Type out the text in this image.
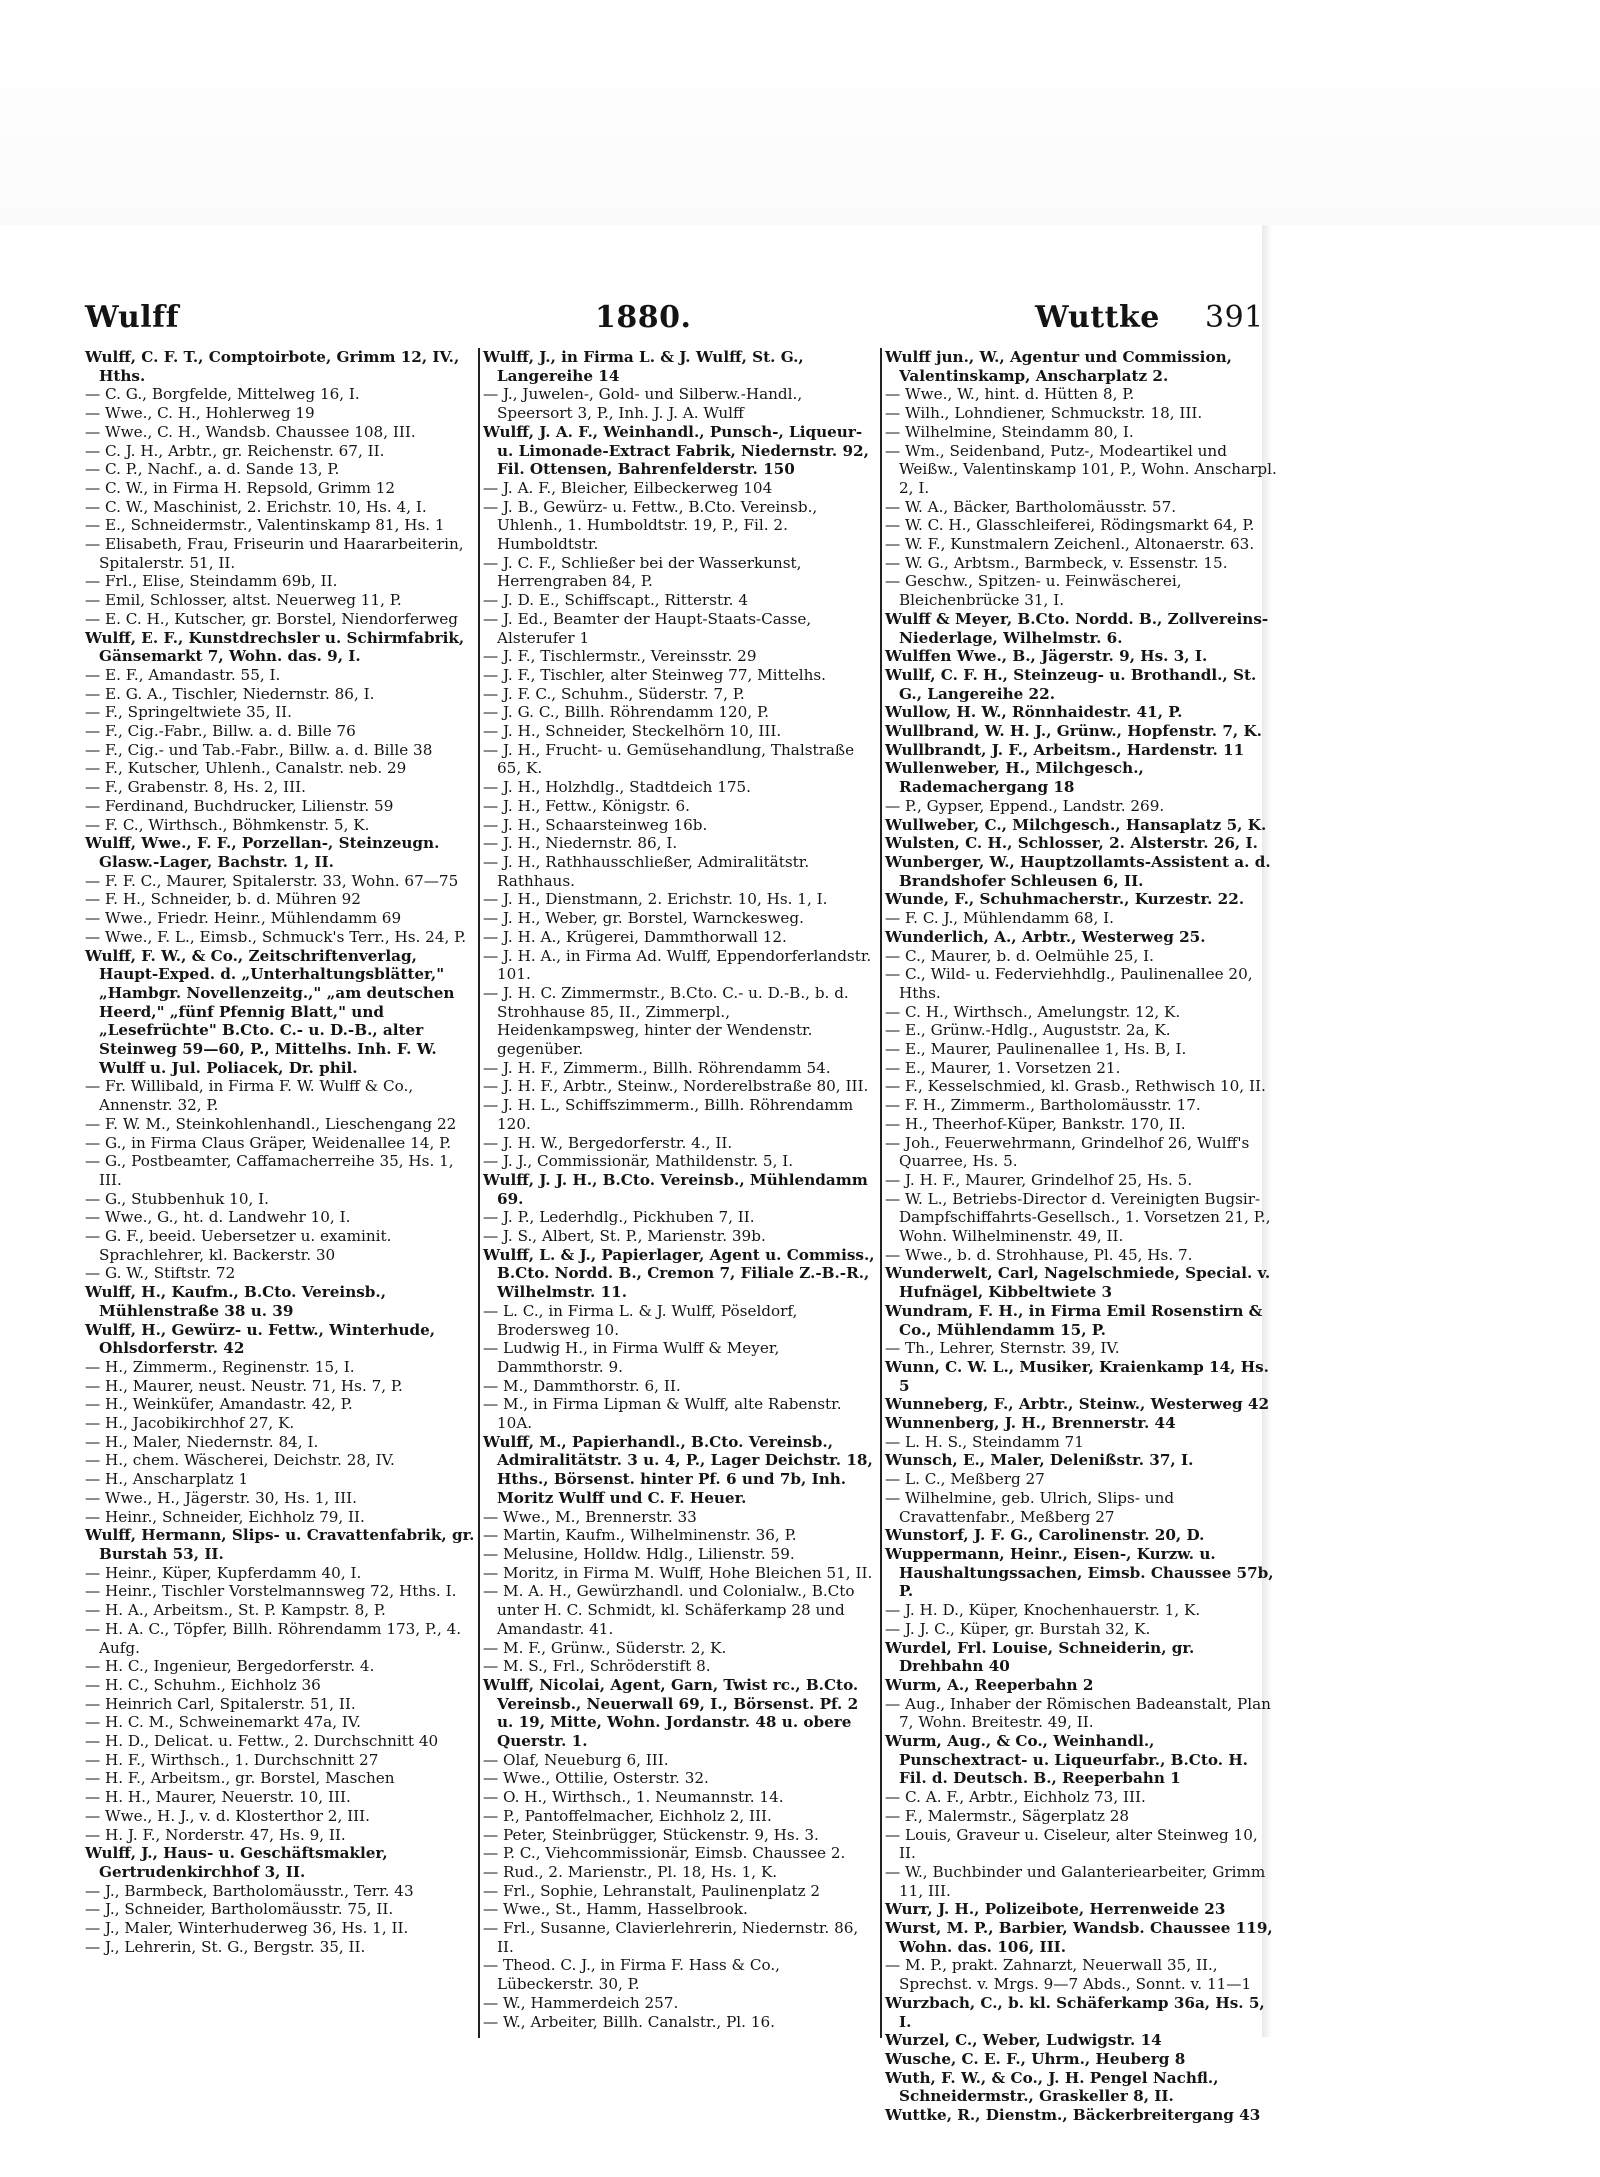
Wulff	1880.	Wuttke 391

Wulff, C. F. T., Comptoirbote, Grimm 12, IV., Hths.

— C. G., Borgfelde, Mittelweg 16, I.

— Wwe., C. H., Hohlerweg 19

— Wwe., C. H., Wandsb. Chaussee 108, III.

— C. J. H., Arbtr., gr. Reichenstr. 67, II.

— C. P., Nachf., a. d. Sande 13, P.

— C. W., in Firma H. Repsold, Grimm 12

— C. W., Maschinist, 2. Erichstr. 10, Hs. 4, I.

— E., Schneidermstr., Valentinskamp 81, Hs. 1

— Elisabeth, Frau, Friseurin und Haararbeiterin, Spitalerstr. 51, II.

— Frl., Elise, Steindamm 69b, II.

— Emil, Schlosser, altst. Neuerweg 11, P.

— E. C. H., Kutscher, gr. Borstel, Niendorferweg

Wulff, E. F., Kunstdrechsler u. Schirmfabrik, Gänsemarkt 7, Wohn. das. 9, I.

— E. F., Amandastr. 55, I.

— E. G. A., Tischler, Niedernstr. 86, I.

— F., Springeltwiete 35, II.

— F., Cig.-Fabr., Billw. a. d. Bille 76

— F., Cig.- und Tab.-Fabr., Billw. a. d. Bille 38

— F., Kutscher, Uhlenh., Canalstr. neb. 29

— F., Grabenstr. 8, Hs. 2, III.

— Ferdinand, Buchdrucker, Lilienstr. 59

— F. C., Wirthsch., Böhmkenstr. 5, K.

Wulff, Wwe., F. F., Porzellan-, Steinzeugn. Glasw.-Lager, Bachstr. 1, II.

— F. F. C., Maurer, Spitalerstr. 33, Wohn. 67—75

— F. H., Schneider, b. d. Mühren 92

— Wwe., Friedr. Heinr., Mühlendamm 69

— Wwe., F. L., Eimsb., Schmuck's Terr., Hs. 24, P.

Wulff, F. W., & Co., Zeitschriftenverlag, Haupt-Exped. d. „Unterhaltungsblätter," „Hambgr. Novellenzeitg.," „am deutschen Heerd," „fünf Pfennig Blatt," und „Lesefrüchte" B.Cto. C.- u. D.-B., alter Steinweg 59—60, P., Mittelhs. Inh. F. W. Wulff u. Jul. Poliacek, Dr. phil.

— Fr. Willibald, in Firma F. W. Wulff & Co., Annenstr. 32, P.

— F. W. M., Steinkohlenhandl., Lieschengang 22

— G., in Firma Claus Gräper, Weidenallee 14, P.

— G., Postbeamter, Caffamacherreihe 35, Hs. 1, III.

— G., Stubbenhuk 10, I.

— Wwe., G., ht. d. Landwehr 10, I.

— G. F., beeid. Uebersetzer u. examinit. Sprachlehrer, kl. Backerstr. 30

— G. W., Stiftstr. 72

Wulff, H., Kaufm., B.Cto. Vereinsb., Mühlenstraße 38 u. 39

Wulff, H., Gewürz- u. Fettw., Winterhude, Ohlsdorferstr. 42

— H., Zimmerm., Reginenstr. 15, I.

— H., Maurer, neust. Neustr. 71, Hs. 7, P.

— H., Weinküfer, Amandastr. 42, P.

— H., Jacobikirchhof 27, K.

— H., Maler, Niedernstr. 84, I.

— H., chem. Wäscherei, Deichstr. 28, IV.

— H., Anscharplatz 1

— Wwe., H., Jägerstr. 30, Hs. 1, III.

— Heinr., Schneider, Eichholz 79, II.

Wulff, Hermann, Slips- u. Cravattenfabrik, gr. Burstah 53, II.

— Heinr., Küper, Kupferdamm 40, I.

— Heinr., Tischler Vorstelmannsweg 72, Hths. I.

— H. A., Arbeitsm., St. P. Kampstr. 8, P.

— H. A. C., Töpfer, Billh. Röhrendamm 173, P., 4. Aufg.

— H. C., Ingenieur, Bergedorferstr. 4.

— H. C., Schuhm., Eichholz 36

— Heinrich Carl, Spitalerstr. 51, II.

— H. C. M., Schweinemarkt 47a, IV.

— H. D., Delicat. u. Fettw., 2. Durchschnitt 40

— H. F., Wirthsch., 1. Durchschnitt 27

— H. F., Arbeitsm., gr. Borstel, Maschen

— H. H., Maurer, Neuerstr. 10, III.

— Wwe., H. J., v. d. Klosterthor 2, III.

— H. J. F., Norderstr. 47, Hs. 9, II.

Wulff, J., Haus- u. Geschäftsmakler, Gertrudenkirchhof 3, II.

— J., Barmbeck, Bartholomäusstr., Terr. 43

— J., Schneider, Bartholomäusstr. 75, II.

— J., Maler, Winterhuderweg 36, Hs. 1, II.

— J., Lehrerin, St. G., Bergstr. 35, II.

Wulff, J., in Firma L. & J. Wulff, St. G., Langereihe 14

— J., Juwelen-, Gold- und Silberw.-Handl., Speersort 3, P., Inh. J. J. A. Wulff

Wulff, J. A. F., Weinhandl., Punsch-, Liqueur- u. Limonade-Extract Fabrik, Niedernstr. 92, Fil. Ottensen, Bahrenfelderstr. 150

— J. A. F., Bleicher, Eilbeckerweg 104

— J. B., Gewürz- u. Fettw., B.Cto. Vereinsb., Uhlenh., 1. Humboldtstr. 19, P., Fil. 2. Humboldtstr.

— J. C. F., Schließer bei der Wasserkunst, Herrengraben 84, P.

— J. D. E., Schiffscapt., Ritterstr. 4

— J. Ed., Beamter der Haupt-Staats-Casse, Alsterufer 1

— J. F., Tischlermstr., Vereinsstr. 29

— J. F., Tischler, alter Steinweg 77, Mittelhs.

— J. F. C., Schuhm., Süderstr. 7, P.

— J. G. C., Billh. Röhrendamm 120, P.

— J. H., Schneider, Steckelhörn 10, III.

— J. H., Frucht- u. Gemüsehandlung, Thalstraße 65, K.

— J. H., Holzhdlg., Stadtdeich 175.

— J. H., Fettw., Königstr. 6.

— J. H., Schaarsteinweg 16b.

— J. H., Niedernstr. 86, I.

— J. H., Rathhausschließer, Admiralitätstr. Rathhaus.

— J. H., Dienstmann, 2. Erichstr. 10, Hs. 1, I.

— J. H., Weber, gr. Borstel, Warnckesweg.

— J. H. A., Krügerei, Dammthorwall 12.

— J. H. A., in Firma Ad. Wulff, Eppendorferlandstr. 101.

— J. H. C. Zimmermstr., B.Cto. C.- u. D.-B., b. d. Strohhause 85, II., Zimmerpl., Heidenkampsweg, hinter der Wendenstr. gegenüber.

— J. H. F., Zimmerm., Billh. Röhrendamm 54.

— J. H. F., Arbtr., Steinw., Norderelbstraße 80, III.

— J. H. L., Schiffszimmerm., Billh. Röhrendamm 120.

— J. H. W., Bergedorferstr. 4., II.

— J. J., Commissionär, Mathildenstr. 5, I.

Wulff, J. J. H., B.Cto. Vereinsb., Mühlendamm 69.

— J. P., Lederhdlg., Pickhuben 7, II.

— J. S., Albert, St. P., Marienstr. 39b.

Wulff, L. & J., Papierlager, Agent u. Commiss., B.Cto. Nordd. B., Cremon 7, Filiale Z.-B.-R., Wilhelmstr. 11.

— L. C., in Firma L. & J. Wulff, Pöseldorf, Brodersweg 10.

— Ludwig H., in Firma Wulff & Meyer, Dammthorstr. 9.

— M., Dammthorstr. 6, II.

— M., in Firma Lipman & Wulff, alte Rabenstr. 10A.

Wulff, M., Papierhandl., B.Cto. Vereinsb., Admiralitätstr. 3 u. 4, P., Lager Deichstr. 18, Hths., Börsenst. hinter Pf. 6 und 7b, Inh. Moritz Wulff und C. F. Heuer.

— Wwe., M., Brennerstr. 33

— Martin, Kaufm., Wilhelminenstr. 36, P.

— Melusine, Holldw. Hdlg., Lilienstr. 59.

— Moritz, in Firma M. Wulff, Hohe Bleichen 51, II.

— M. A. H., Gewürzhandl. und Colonialw., B.Cto unter H. C. Schmidt, kl. Schäferkamp 28 und Amandastr. 41.

— M. F., Grünw., Süderstr. 2, K.

— M. S., Frl., Schröderstift 8.

Wulff, Nicolai, Agent, Garn, Twist rc., B.Cto. Vereinsb., Neuerwall 69, I., Börsenst. Pf. 2 u. 19, Mitte, Wohn. Jordanstr. 48 u. obere Querstr. 1.

— Olaf, Neueburg 6, III.

— Wwe., Ottilie, Osterstr. 32.

— O. H., Wirthsch., 1. Neumannstr. 14.

— P., Pantoffelmacher, Eichholz 2, III.

— Peter, Steinbrügger, Stückenstr. 9, Hs. 3.

— P. C., Viehcommissionär, Eimsb. Chaussee 2.

— Rud., 2. Marienstr., Pl. 18, Hs. 1, K.

— Frl., Sophie, Lehranstalt, Paulinenplatz 2

— Wwe., St., Hamm, Hasselbrook.

— Frl., Susanne, Clavierlehrerin, Niedernstr. 86, II.

— Theod. C. J., in Firma F. Hass & Co., Lübeckerstr. 30, P.

— W., Hammerdeich 257.

— W., Arbeiter, Billh. Canalstr., Pl. 16.

Wulff jun., W., Agentur und Commission, Valentinskamp, Anscharplatz 2.

— Wwe., W., hint. d. Hütten 8, P.

— Wilh., Lohndiener, Schmuckstr. 18, III.

— Wilhelmine, Steindamm 80, I.

— Wm., Seidenband, Putz-, Modeartikel und Weißw., Valentinskamp 101, P., Wohn. Anscharpl. 2, I.

— W. A., Bäcker, Bartholomäusstr. 57.

— W. C. H., Glasschleiferei, Rödingsmarkt 64, P.

— W. F., Kunstmalern Zeichenl., Altonaerstr. 63.

— W. G., Arbtsm., Barmbeck, v. Essenstr. 15.

— Geschw., Spitzen- u. Feinwäscherei, Bleichenbrücke 31, I.

Wulff & Meyer, B.Cto. Nordd. B., Zollvereins-Niederlage, Wilhelmstr. 6.

Wulffen Wwe., B., Jägerstr. 9, Hs. 3, I.

Wullf, C. F. H., Steinzeug- u. Brothandl., St. G., Langereihe 22.

Wullow, H. W., Rönnhaidestr. 41, P.

Wullbrand, W. H. J., Grünw., Hopfenstr. 7, K.

Wullbrandt, J. F., Arbeitsm., Hardenstr. 11

Wullenweber, H., Milchgesch., Rademachergang 18

— P., Gypser, Eppend., Landstr. 269.

Wullweber, C., Milchgesch., Hansaplatz 5, K.

Wulsten, C. H., Schlosser, 2. Alsterstr. 26, I.

Wunberger, W., Hauptzollamts-Assistent a. d. Brandshofer Schleusen 6, II.

Wunde, F., Schuhmacherstr., Kurzestr. 22.

— F. C. J., Mühlendamm 68, I.

Wunderlich, A., Arbtr., Westerweg 25.

— C., Maurer, b. d. Oelmühle 25, I.

— C., Wild- u. Federviehhdlg., Paulinenallee 20, Hths.

— C. H., Wirthsch., Amelungstr. 12, K.

— E., Grünw.-Hdlg., Auguststr. 2a, K.

— E., Maurer, Paulinenallee 1, Hs. B, I.

— E., Maurer, 1. Vorsetzen 21.

— F., Kesselschmied, kl. Grasb., Rethwisch 10, II.

— F. H., Zimmerm., Bartholomäusstr. 17.

— H., Theerhof-Küper, Bankstr. 170, II.

— Joh., Feuerwehrmann, Grindelhof 26, Wulff's Quarree, Hs. 5.

— J. H. F., Maurer, Grindelhof 25, Hs. 5.

— W. L., Betriebs-Director d. Vereinigten Bugsir-Dampfschiffahrts-Gesellsch., 1. Vorsetzen 21, P., Wohn. Wilhelminenstr. 49, II.

— Wwe., b. d. Strohhause, Pl. 45, Hs. 7.

Wunderwelt, Carl, Nagelschmiede, Special. v. Hufnägel, Kibbeltwiete 3

Wundram, F. H., in Firma Emil Rosenstirn & Co., Mühlendamm 15, P.

— Th., Lehrer, Sternstr. 39, IV.

Wunn, C. W. L., Musiker, Kraienkamp 14, Hs. 5

Wunneberg, F., Arbtr., Steinw., Westerweg 42

Wunnenberg, J. H., Brennerstr. 44

— L. H. S., Steindamm 71

Wunsch, E., Maler, Delenißstr. 37, I.

— L. C., Meßberg 27

— Wilhelmine, geb. Ulrich, Slips- und Cravattenfabr., Meßberg 27

Wunstorf, J. F. G., Carolinenstr. 20, D.

Wuppermann, Heinr., Eisen-, Kurzw. u. Haushaltungssachen, Eimsb. Chaussee 57b, P.

— J. H. D., Küper, Knochenhauerstr. 1, K.

— J. J. C., Küper, gr. Burstah 32, K.

Wurdel, Frl. Louise, Schneiderin, gr. Drehbahn 40

Wurm, A., Reeperbahn 2

— Aug., Inhaber der Römischen Badeanstalt, Plan 7, Wohn. Breitestr. 49, II.

Wurm, Aug., & Co., Weinhandl., Punschextract- u. Liqueurfabr., B.Cto. H. Fil. d. Deutsch. B., Reeperbahn 1

— C. A. F., Arbtr., Eichholz 73, III.

— F., Malermstr., Sägerplatz 28

— Louis, Graveur u. Ciseleur, alter Steinweg 10, II.

— W., Buchbinder und Galanteriearbeiter, Grimm 11, III.

Wurr, J. H., Polizeibote, Herrenweide 23

Wurst, M. P., Barbier, Wandsb. Chaussee 119, Wohn. das. 106, III.

— M. P., prakt. Zahnarzt, Neuerwall 35, II., Sprechst. v. Mrgs. 9—7 Abds., Sonnt. v. 11—1

Wurzbach, C., b. kl. Schäferkamp 36a, Hs. 5, I.

Wurzel, C., Weber, Ludwigstr. 14

Wusche, C. E. F., Uhrm., Heuberg 8

Wuth, F. W., & Co., J. H. Pengel Nachfl., Schneidermstr., Graskeller 8, II.

Wuttke, R., Dienstm., Bäckerbreitergang 43
